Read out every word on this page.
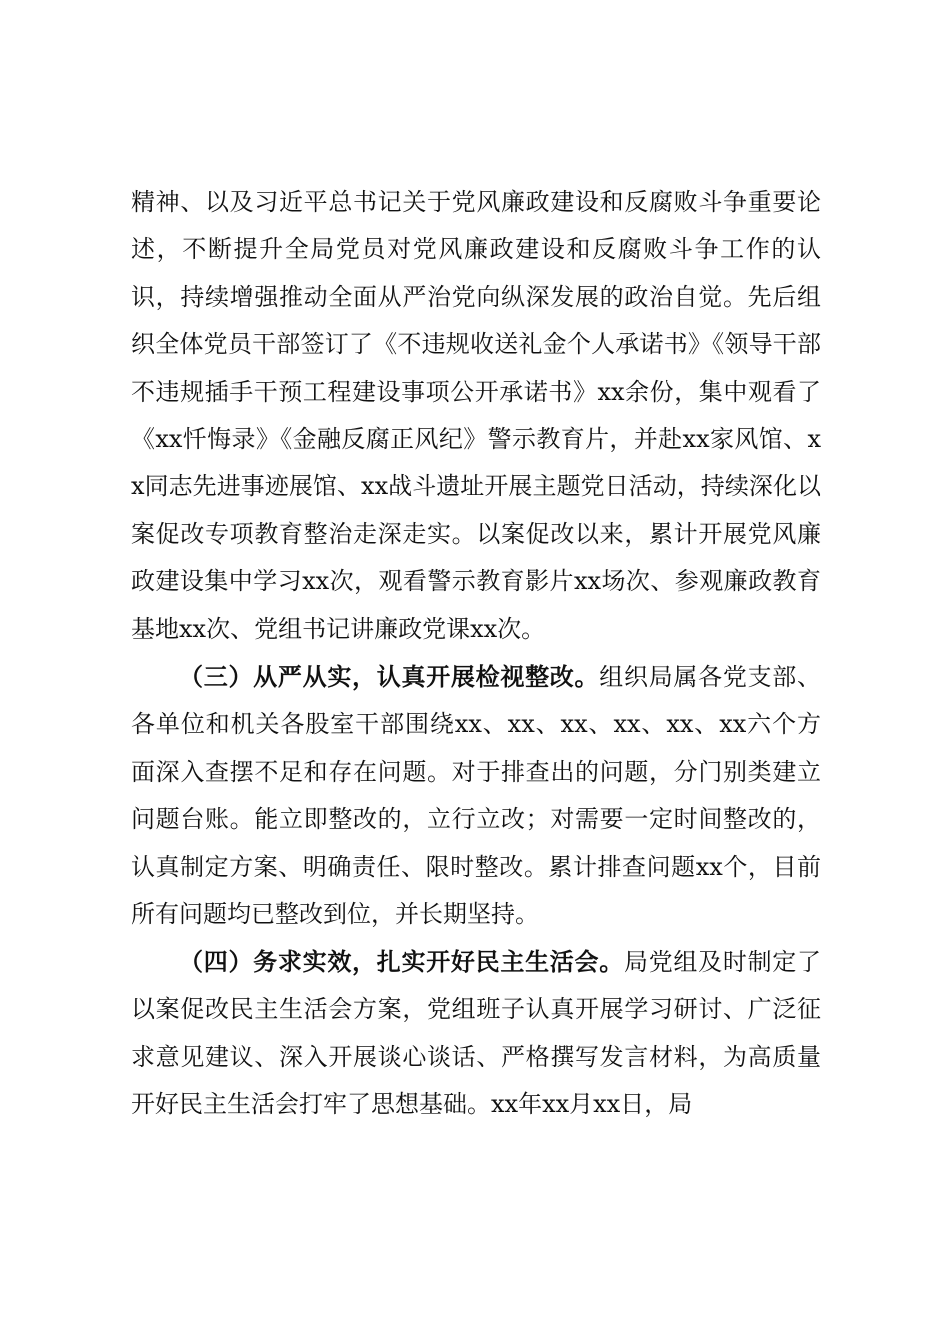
精神、以及习近平总书记关于党风廉政建设和反腐败斗争重要论述，不断提升全局党员对党风廉政建设和反腐败斗争工作的认识，持续增强推动全面从严治党向纵深发展的政治自觉。先后组织全体党员干部签订了《不违规收送礼金个人承诺书》《领导干部不违规插手干预工程建设事项公开承诺书》xx余份，集中观看了《xx忏悔录》《金融反腐正风纪》警示教育片，并赴xx家风馆、xx同志先进事迹展馆、xx战斗遗址开展主题党日活动，持续深化以案促改专项教育整治走深走实。以案促改以来，累计开展党风廉政建设集中学习xx次，观看警示教育影片xx场次、参观廉政教育基地xx次、党组书记讲廉政党课xx次。

（三）从严从实，认真开展检视整改。组织局属各党支部、各单位和机关各股室干部围绕xx、xx、xx、xx、xx、xx六个方面深入查摆不足和存在问题。对于排查出的问题，分门别类建立问题台账。能立即整改的，立行立改；对需要一定时间整改的，认真制定方案、明确责任、限时整改。累计排查问题xx个，目前所有问题均已整改到位，并长期坚持。

（四）务求实效，扎实开好民主生活会。局党组及时制定了以案促改民主生活会方案，党组班子认真开展学习研讨、广泛征求意见建议、深入开展谈心谈话、严格撰写发言材料，为高质量开好民主生活会打牢了思想基础。xx年xx月xx日，局
